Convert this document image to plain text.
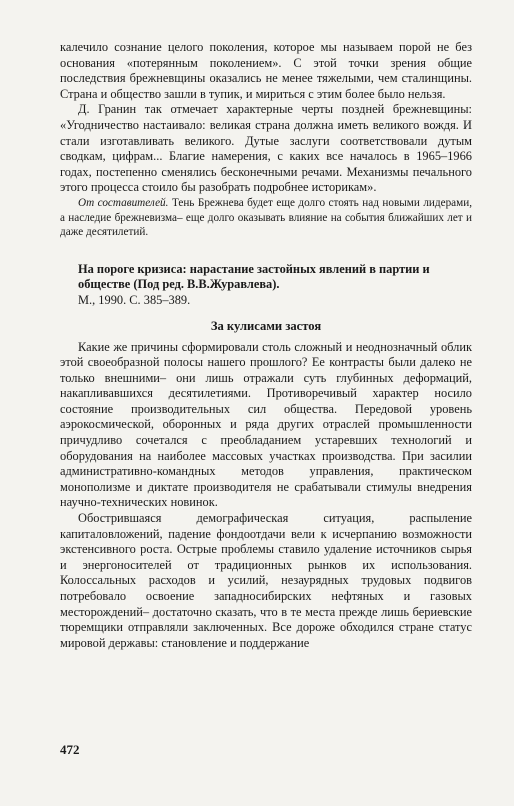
калечило сознание целого поколения, которое мы называем порой не без основания «потерянным поколением». С этой точки зрения общие последствия брежневщины оказались не менее тяжелыми, чем сталинщины. Страна и общество зашли в тупик, и мириться с этим более было нельзя.

Д. Гранин так отмечает характерные черты поздней брежневщины: «Угодничество настаивало: великая страна должна иметь великого вождя. И стали изготавливать великого. Дутые заслуги соответствовали дутым сводкам, цифрам... Благие намерения, с каких все началось в 1965–1966 годах, постепенно сменялись бесконечными речами. Механизмы печального этого процесса стоило бы разобрать подробнее историкам».

От составителей. Тень Брежнева будет еще долго стоять над новыми лидерами, а наследие брежневизма– еще долго оказывать влияние на события ближайших лет и даже десятилетий.

На пороге кризиса: нарастание застойных явлений в партии и обществе (Под ред. В.В.Журавлева).
М., 1990. С. 385–389.
За кулисами застоя

Какие же причины сформировали столь сложный и неоднозначный облик этой своеобразной полосы нашего прошлого? Ее контрасты были далеко не только внешними– они лишь отражали суть глубинных деформаций, накапливавшихся десятилетиями. Противоречивый характер носило состояние производительных сил общества. Передовой уровень аэрокосмической, оборонных и ряда других отраслей промышленности причудливо сочетался с преобладанием устаревших технологий и оборудования на наиболее массовых участках производства. При засилии административно-командных методов управления, практическом монополизме и диктате производителя не срабатывали стимулы внедрения научно-технических новинок.

Обострившаяся демографическая ситуация, распыление капиталовложений, падение фондоотдачи вели к исчерпанию возможности экстенсивного роста. Острые проблемы ставило удаление источников сырья и энергоносителей от традиционных рынков их использования. Колоссальных расходов и усилий, незаурядных трудовых подвигов потребовало освоение западносибирских нефтяных и газовых месторождений– достаточно сказать, что в те места прежде лишь бериевские тюремщики отправляли заключенных. Все дороже обходился стране статус мировой державы: становление и поддержание

472
